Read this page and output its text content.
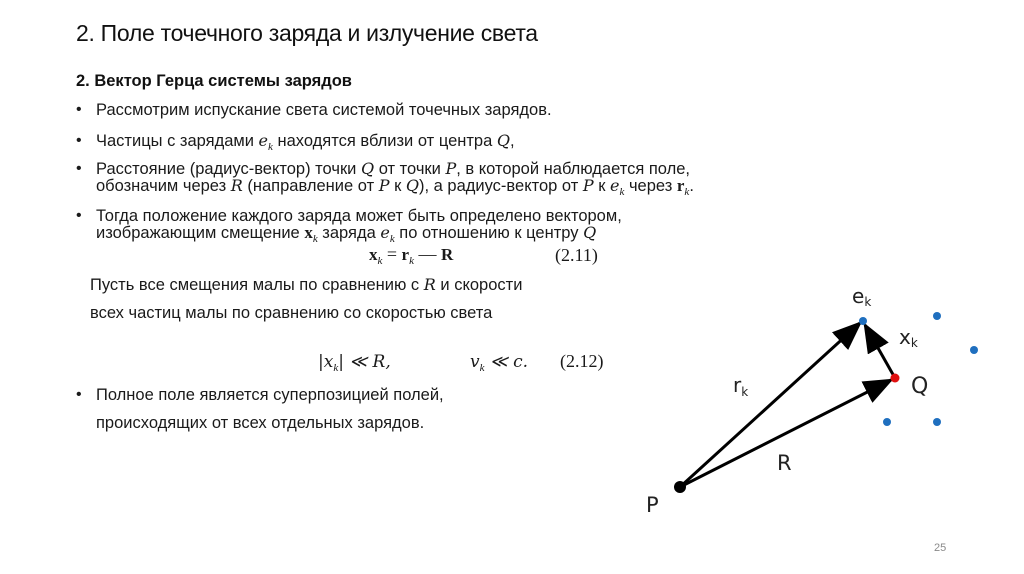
2. Поле точечного заряда и излучение света
2. Вектор Герца системы зарядов
• Рассмотрим испускание света системой точечных зарядов.
• Частицы с зарядами $e_k$ находятся вблизи от центра Q,
• Расстояние (радиус-вектор) точки Q от точки P, в которой наблюдается поле,
обозначим через R (направление от P к Q), а радиус-вектор от P к $e_k$ через $r_k$.
• Тогда положение каждого заряда может быть определено вектором,
изображающим смещение $x_k$ заряда $e_k$ по отношению к центру Q
$x_k = r_k$ — R	(2.11)
Пусть все смещения малы по сравнению с R и скорости
всех частиц малы по сравнению со скоростью света
$|x_k|$ ≪ R,	$v_k$ ≪ c. (2.12)
• Полное поле является суперпозицией полей,
происходящих от всех отдельных зарядов.
ek
xk
$r_k$	Q
R
P
25
